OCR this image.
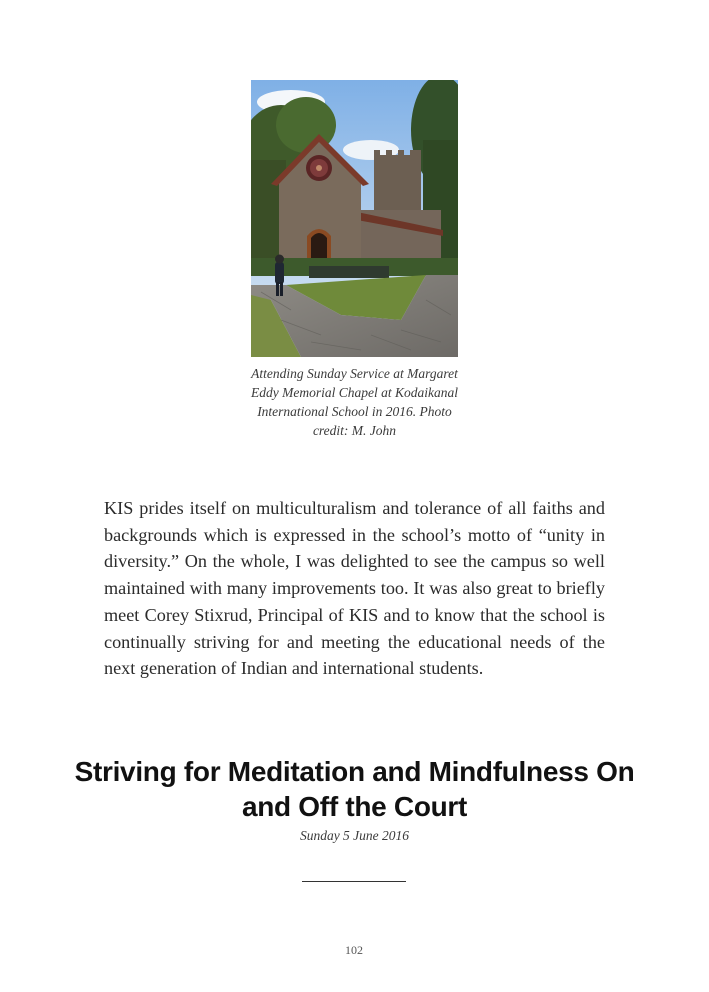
Attending Sunday Service at Margaret Eddy Memorial Chapel at Kodaikanal International School in 2016. Photo credit: M. John

KIS prides itself on multiculturalism and tolerance of all faiths and backgrounds which is expressed in the school’s motto of “unity in diversity.” On the whole, I was delighted to see the campus so well maintained with many improvements too. It was also great to briefly meet Corey Stixrud, Principal of KIS and to know that the school is continually striving for and meeting the educational needs of the next generation of Indian and international students.

Striving for Meditation and Mindfulness On and Off the Court
Sunday 5 June 2016
102
